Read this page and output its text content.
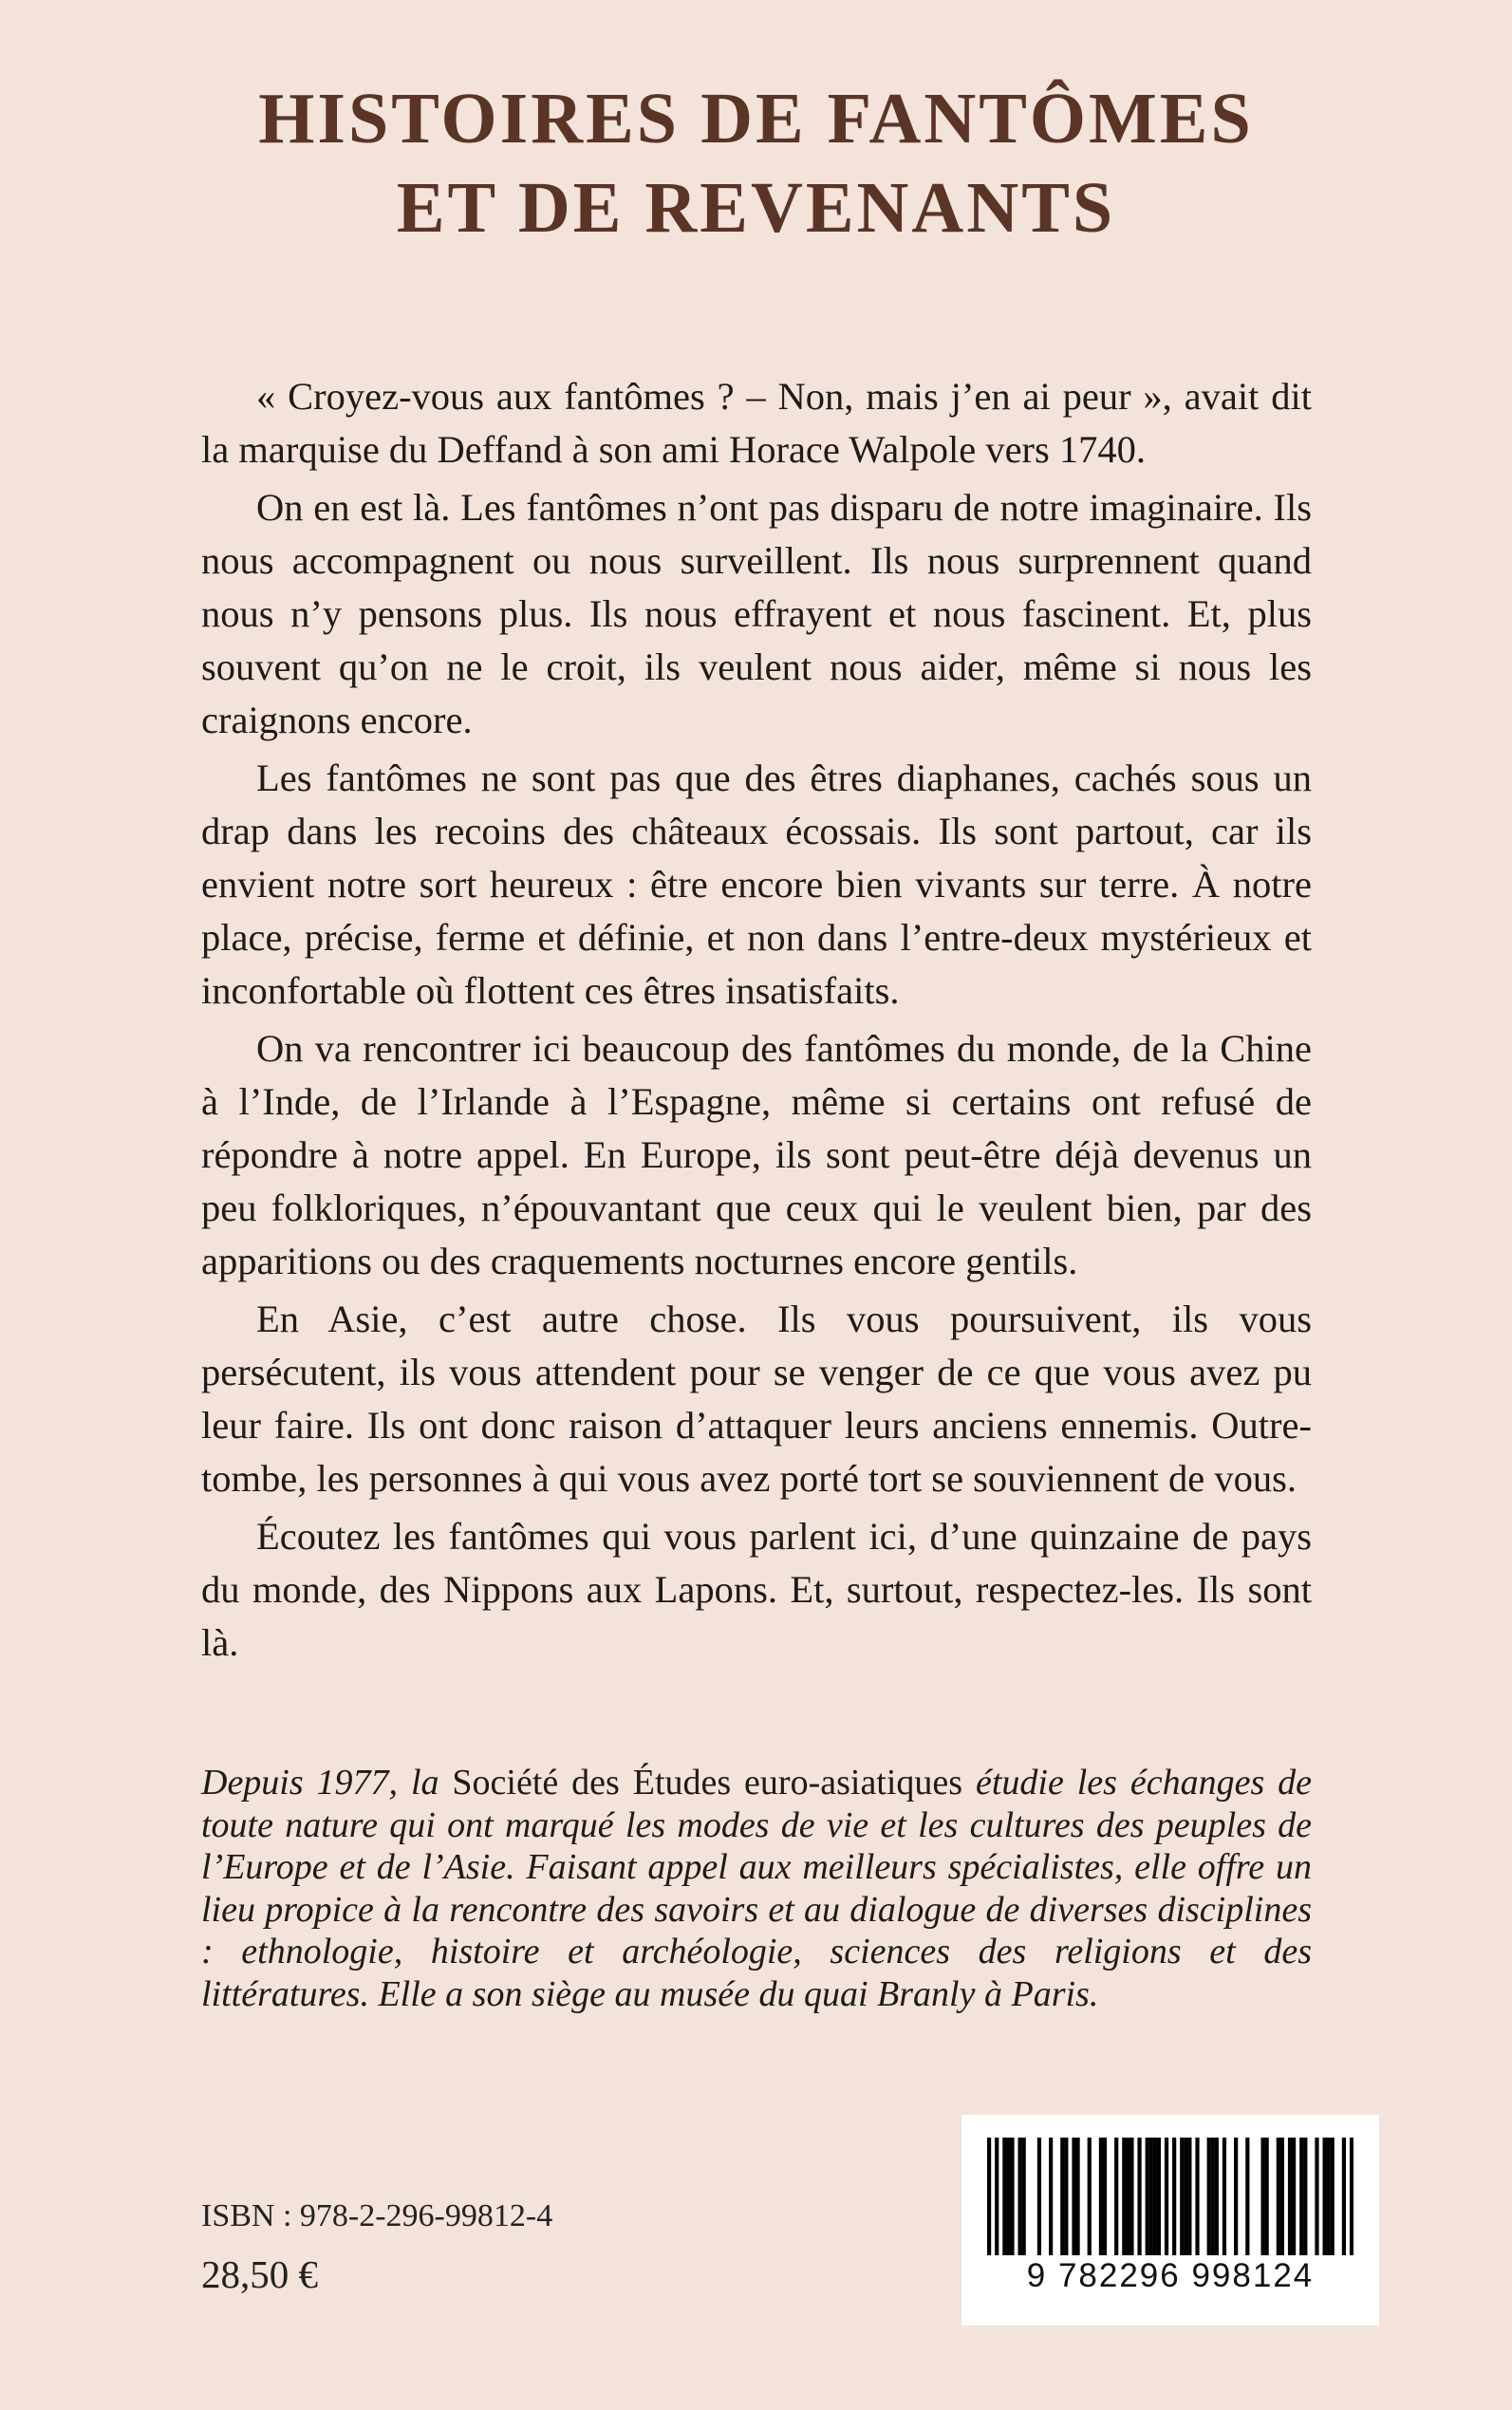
HISTOIRES DE FANTÔMES
ET DE REVENANTS

« Croyez-vous aux fantômes ? – Non, mais j’en ai peur », avait dit la marquise du Deffand à son ami Horace Walpole vers 1740.

On en est là. Les fantômes n’ont pas disparu de notre imaginaire. Ils nous accompagnent ou nous surveillent. Ils nous surprennent quand nous n’y pensons plus. Ils nous effrayent et nous fascinent. Et, plus souvent qu’on ne le croit, ils veulent nous aider, même si nous les craignons encore.

Les fantômes ne sont pas que des êtres diaphanes, cachés sous un drap dans les recoins des châteaux écossais. Ils sont partout, car ils envient notre sort heureux : être encore bien vivants sur terre. À notre place, précise, ferme et définie, et non dans l’entre-deux mystérieux et inconfortable où flottent ces êtres insatisfaits.

On va rencontrer ici beaucoup des fantômes du monde, de la Chine à l’Inde, de l’Irlande à l’Espagne, même si certains ont refusé de répondre à notre appel. En Europe, ils sont peut-être déjà devenus un peu folkloriques, n’épouvantant que ceux qui le veulent bien, par des apparitions ou des craquements nocturnes encore gentils.

En Asie, c’est autre chose. Ils vous poursuivent, ils vous persécutent, ils vous attendent pour se venger de ce que vous avez pu leur faire. Ils ont donc raison d’attaquer leurs anciens ennemis. Outre-tombe, les personnes à qui vous avez porté tort se souviennent de vous.

Écoutez les fantômes qui vous parlent ici, d’une quinzaine de pays du monde, des Nippons aux Lapons. Et, surtout, respectez-les. Ils sont là.

Depuis 1977, la Société des Études euro-asiatiques étudie les échanges de toute nature qui ont marqué les modes de vie et les cultures des peuples de l’Europe et de l’Asie. Faisant appel aux meilleurs spécialistes, elle offre un lieu propice à la rencontre des savoirs et au dialogue de diverses disciplines : ethnologie, histoire et archéologie, sciences des religions et des littératures. Elle a son siège au musée du quai Branly à Paris.
ISBN : 978-2-296-99812-4
28,50 €	9 782296 998124
